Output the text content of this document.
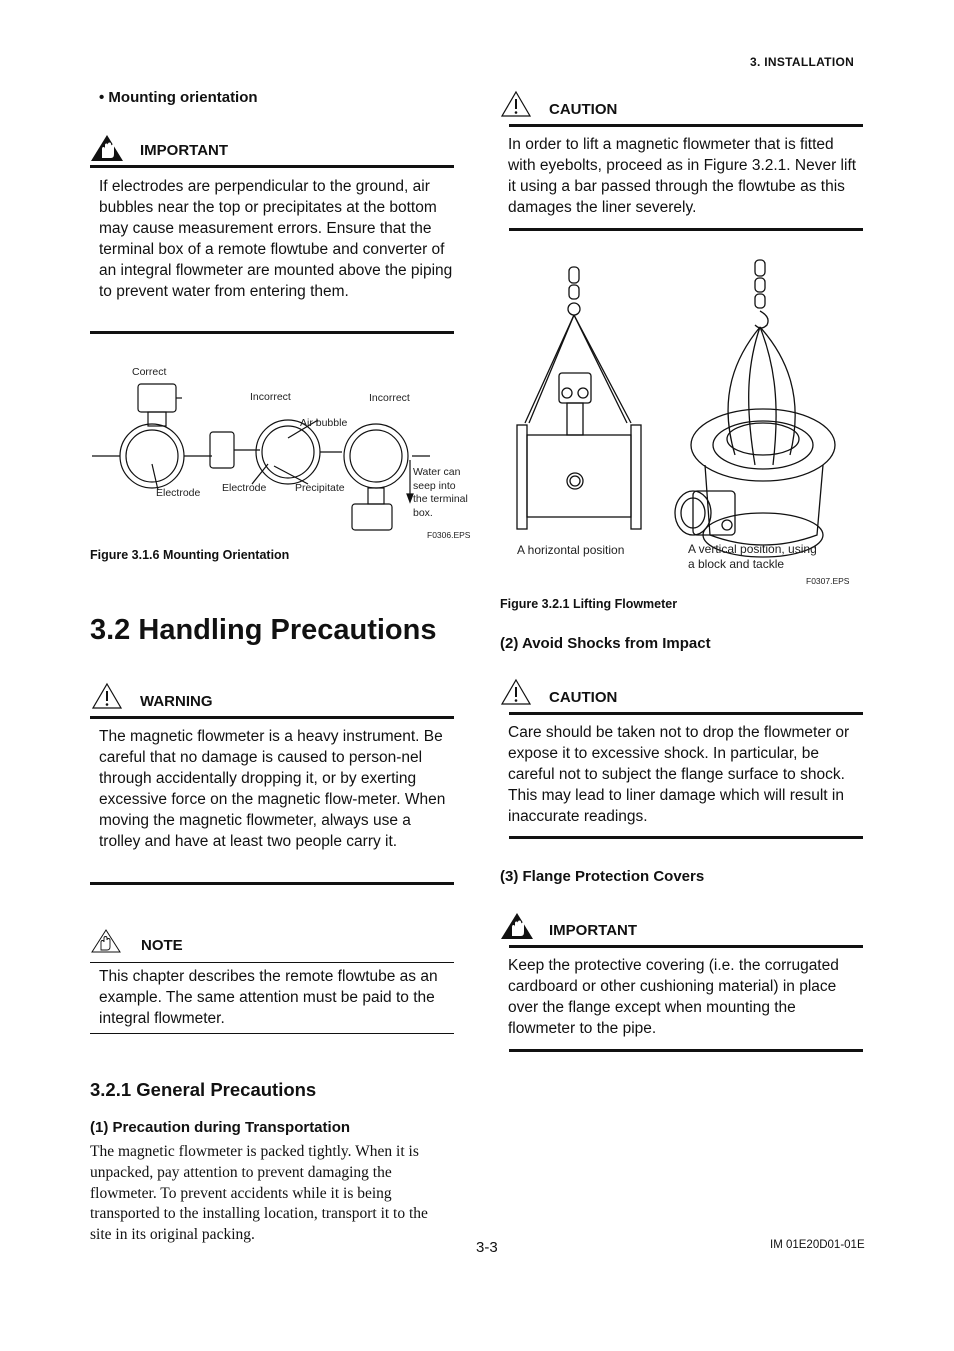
3. INSTALLATION
• Mounting orientation
IMPORTANT
If electrodes are perpendicular to the ground, air bubbles near the top or precipitates at the bottom may cause measurement errors. Ensure that the terminal box of a remote flowtube and converter of an integral flowmeter are mounted above the piping to prevent water from entering them.
Correct
Incorrect	Incorrect
Air bubble
Electrode Electrode	Precipitate
Water can
seep into
the terminal
box.
F0306.EPS
Figure 3.1.6 Mounting Orientation
3.2 Handling Precautions
WARNING
The magnetic flowmeter is a heavy instrument. Be careful that no damage is caused to person-nel through accidentally dropping it, or by exerting excessive force on the magnetic flow-meter. When moving the magnetic flowmeter, always use a trolley and have at least two people carry it.
NOTE
This chapter describes the remote flowtube as an example. The same attention must be paid to the integral flowmeter.
3.2.1 General Precautions
(1) Precaution during Transportation
The magnetic flowmeter is packed tightly. When it is unpacked, pay attention to prevent damaging the flowmeter. To prevent accidents while it is being transported to the installing location, transport it to the site in its original packing.
CAUTION
In order to lift a magnetic flowmeter that is fitted with eyebolts, proceed as in Figure 3.2.1. Never lift it using a bar passed through the flowtube as this damages the liner severely.
A horizontal position	A vertical position, using
a block and tackle
F0307.EPS
Figure 3.2.1 Lifting Flowmeter
(2) Avoid Shocks from Impact
CAUTION
Care should be taken not to drop the flowmeter or expose it to excessive shock. In particular, be careful not to subject the flange surface to shock. This may lead to liner damage which will result in inaccurate readings.
(3) Flange Protection Covers
IMPORTANT
Keep the protective covering (i.e. the corrugated cardboard or other cushioning material) in place over the flange except when mounting the flowmeter to the pipe.
3-3	IM 01E20D01-01E
